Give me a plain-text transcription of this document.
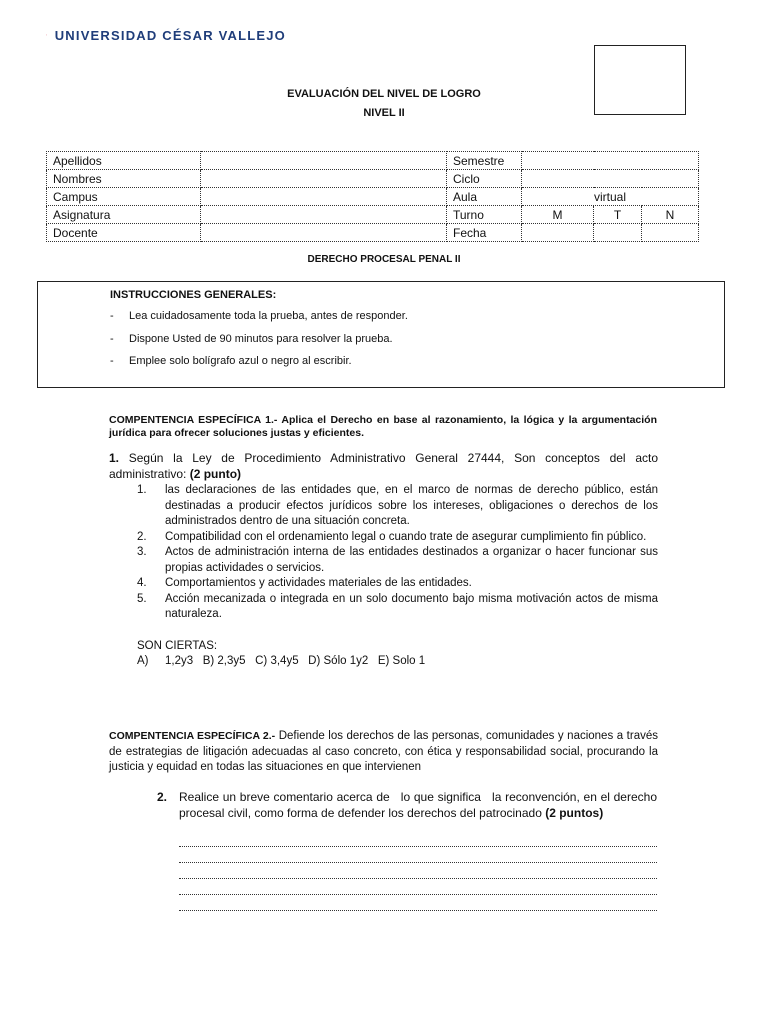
UNIVERSIDAD CÉSAR VALLEJO
EVALUACIÓN DEL NIVEL DE LOGRO
NIVEL II
Apellidos		Semestre			
Nombres		Ciclo			
Campus		Aula	virtual		
Asignatura		Turno	M	T	N
Docente		Fecha			
DERECHO PROCESAL PENAL II
INSTRUCCIONES GENERALES:
- Lea cuidadosamente toda la prueba, antes de responder.
- Dispone Usted de 90 minutos para resolver la prueba.
- Emplee solo bolígrafo azul o negro al escribir.
COMPENTENCIA ESPECÍFICA 1.- Aplica el Derecho en base al razonamiento, la lógica y la argumentación jurídica para ofrecer soluciones justas y eficientes.
1. Según la Ley de Procedimiento Administrativo General 27444, Son conceptos del acto administrativo: (2 punto)
1.	las declaraciones de las entidades que, en el marco de normas de derecho público, están destinadas a producir efectos jurídicos sobre los intereses, obligaciones o derechos de los administrados dentro de una situación concreta.
2.	Compatibilidad con el ordenamiento legal o cuando trate de asegurar cumplimiento fin público.
3.	Actos de administración interna de las entidades destinados a organizar o hacer funcionar sus propias actividades o servicios.
4.	Comportamientos y actividades materiales de las entidades.
5.	Acción mecanizada o integrada en un solo documento bajo misma motivación actos de misma naturaleza.
SON CIERTAS:
A) 1,2y3   B) 2,3y5   C) 3,4y5   D) Sólo 1y2   E) Solo 1
COMPENTENCIA ESPECÍFICA 2.- Defiende los derechos de las personas, comunidades y naciones a través de estrategias de litigación adecuadas al caso concreto, con ética y responsabilidad social, procurando la justicia y equidad en todas las situaciones en que intervienen
2. Realice un breve comentario acerca de   lo que significa   la reconvención, en el derecho procesal civil, como forma de defender los derechos del patrocinado (2 puntos)
